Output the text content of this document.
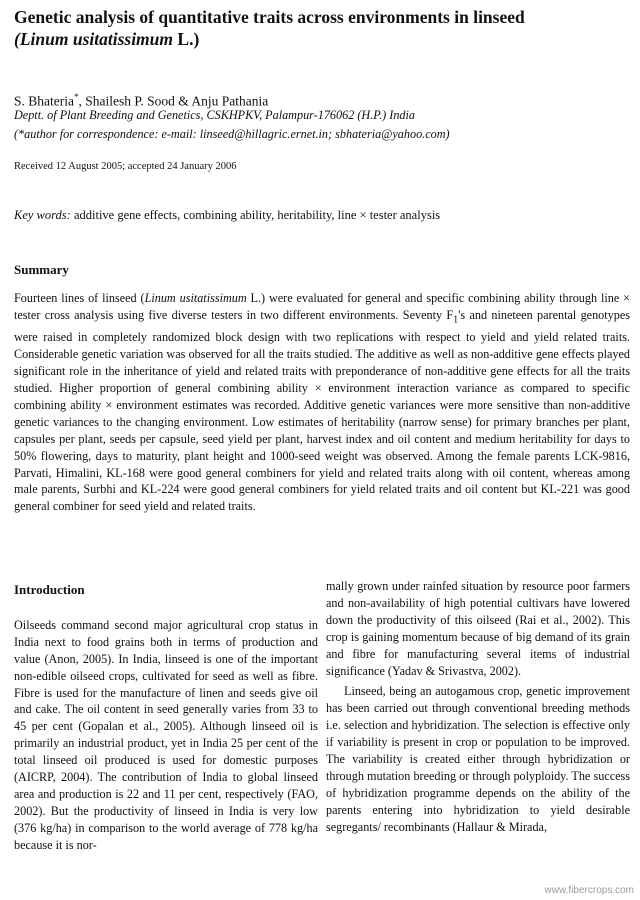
Genetic analysis of quantitative traits across environments in linseed
(Linum usitatissimum L.)
S. Bhateria*, Shailesh P. Sood & Anju Pathania
Deptt. of Plant Breeding and Genetics, CSKHPKV, Palampur-176062 (H.P.) India
(*author for correspondence: e-mail: linseed@hillagric.ernet.in; sbhateria@yahoo.com)
Received 12 August 2005; accepted 24 January 2006
Key words: additive gene effects, combining ability, heritability, line × tester analysis
Summary

Fourteen lines of linseed (Linum usitatissimum L.) were evaluated for general and specific combining ability through line × tester cross analysis using five diverse testers in two different environments. Seventy $F_1's$ and nineteen parental genotypes were raised in completely randomized block design with two replications with respect to yield and yield related traits. Considerable genetic variation was observed for all the traits studied. The additive as well as non-additive gene effects played significant role in the inheritance of yield and related traits with preponderance of non-additive gene effects for all the traits studied. Higher proportion of general combining ability × environment interaction variance as compared to specific combining ability × environment estimates was recorded. Additive genetic variances were more sensitive than non-additive genetic variances to the changing environment. Low estimates of heritability (narrow sense) for primary branches per plant, capsules per plant, seeds per capsule, seed yield per plant, harvest index and oil content and medium heritability for days to 50% flowering, days to maturity, plant height and 1000-seed weight was observed. Among the female parents LCK-9816, Parvati, Himalini, KL-168 were good general combiners for yield and related traits along with oil content, whereas among male parents, Surbhi and KL-224 were good general combiners for yield related traits and oil content but KL-221 was good general combiner for seed yield and related traits.

Introduction

Oilseeds command second major agricultural crop status in India next to food grains both in terms of production and value (Anon, 2005). In India, linseed is one of the important non-edible oilseed crops, cultivated for seed as well as fibre. Fibre is used for the manufacture of linen and seeds give oil and cake. The oil content in seed generally varies from 33 to 45 per cent (Gopalan et al., 2005). Although linseed oil is primarily an industrial product, yet in India 25 per cent of the total linseed oil produced is used for domestic purposes (AICRP, 2004). The contribution of India to global linseed area and production is 22 and 11 per cent, respectively (FAO, 2002). But the productivity of linseed in India is very low (376 kg/ha) in comparison to the world average of 778 kg/ha because it is nor-

mally grown under rainfed situation by resource poor farmers and non-availability of high potential cultivars have lowered down the productivity of this oilseed (Rai et al., 2002). This crop is gaining momentum because of big demand of its grain and fibre for manufacturing several items of industrial significance (Yadav & Srivastva, 2002).

Linseed, being an autogamous crop, genetic improvement has been carried out through conventional breeding methods i.e. selection and hybridization. The selection is effective only if variability is present in crop or population to be improved. The variability is created either through hybridization or through mutation breeding or through polyploidy. The success of hybridization programme depends on the ability of the parents entering into hybridization to yield desirable segregants/ recombinants (Hallaur & Mirada,

www.fibercrops.com
